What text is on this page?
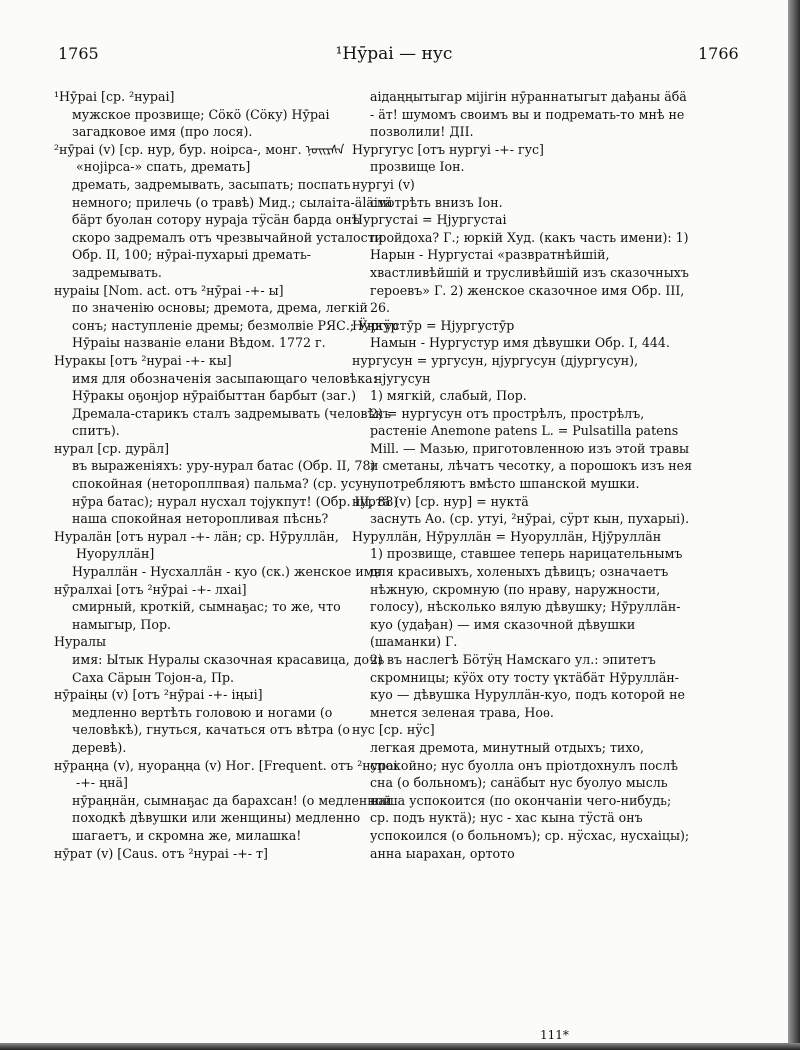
1765	¹Нӯраі — нус	1766

¹Нӯраі [ср. ²нураі]

мужское прозвище; Сӧкӧ (Сӧку) Нӯраі загадковое имя (про лося).

²нӯраі (v) [ср. нур, бур. ноірса-, монг. ᠨᠣᠢᠷᠰᠠ «нојірса-» спать, дремать]

дремать, задремывать, засыпать; поспать немного; прилечь (о травѣ) Мид.; сылаіта-äläітä бäрт буолан сотору нураја тӱсäн барда онъ скоро задремалъ отъ чрезвычайной усталости Обр. II, 100; нӯраі-пухарыі дремать-задремывать.

нураіы [Nom. act. отъ ²нӯраі -+- ы]

по значенію основы; дремота, дрема, легкій сонъ; наступленіе дремы; безмолвіе РЯС.; Ӱңкӱр Нӯраіы названіе елани Вѣдом. 1772 г.

Нуракы [отъ ²нураі -+- кы]

имя для обозначенія засыпающаго человѣка: Нӯракы оҕонјор нӯраібыттан барбыт (заг.) Дремала-старикъ сталъ задремывать (человѣкъ спитъ).

нурал [ср. дурäл]

въ выраженіяхъ: уру-нурал батас (Обр. II, 78) спокойная (нетороплпвая) пальма? (ср. усун нӯра батас); нурал нусхал тојукпут! (Обр. III, 88) наша спокойная неторопливая пѣснь?

Нуралäн [отъ нурал -+- лäн; ср. Нӯруллäн, Нуоруллäн]

Нураллäн - Нусхаллäн - куо (ск.) женское имя.

нӯралхаі [отъ ²нӯраі -+- лхаі]

смирный, кроткій, сымнаҕас; то же, что намыгыр, Пор.

Нуралы

имя: Ытык Нуралы сказочная красавица, дочь Саха Сӓрын Тојон-а, Пр.

нӯраіңы (v) [отъ ²нӯраі -+- іңыі]

медленно вертѣть головою и ногами (о человѣкѣ), гнуться, качаться отъ вѣтра (о деревѣ).

нӯраңңа (v), нуораңңа (v) Ног. [Frequent. отъ ²нураі -+- ңнä]

нӯраңнäн, сымнаҕас да барахсан! (о медленной походкѣ дѣвушки или женщины) медленно шагаетъ, и скромна же, милашка!

нӯрат (v) [Caus. отъ ²нураі -+- т]

аідаңңытыгар міјігін нӯраннатыгыт дађаны äбä - äт! шумомъ своимъ вы и подремать-то мнѣ не позволили! ДII.

Нургугус [отъ нургуі -+- гус]

прозвище Іон.

нургуі (v)

смотрѣть внизъ Іон.

Нургустаі = Нјургустаі

пройдоха? Г.; юркій Худ. (какъ часть имени): 1) Нарын - Нургустаі «развратнѣйшій, хвастливѣйшій и трусливѣйшій изъ сказочныхъ героевъ» Г. 2) женское сказочное имя Обр. III, 26.

Нургустӯр = Нјургустӯр

Намын - Нургустур имя дѣвушки Обр. I, 444.

нургусун = ургусун, нјургусун (дјургусун), нјугусун

1) мягкій, слабый, Пор.

2) = нургусун отъ прострѣлъ, прострѣлъ, растеніе Anemone patens L. = Pulsatilla patens Mill. — Мазью, приготовленною изъ этой травы и сметаны, лѣчатъ чесотку, а порошокъ изъ нея употребляютъ вмѣсто шпанской мушки.

нуртӓ (v) [ср. нур] = нуктӓ

заснуть Ao. (ср. утуі, ²нӯраі, сӱрт кын, пухарыі).

Нуруллäн, Нӯруллäн = Нуоруллäн, Нјӯруллäн

1) прозвище, ставшее теперь нарицательнымъ для красивыхъ, холеныхъ дѣвицъ; означаетъ нѣжную, скромную (по нраву, наружности, голосу), нѣсколько вялую дѣвушку; Нӯруллäн-куо (удађан) — имя сказочной дѣвушки (шаманки) Г.

2) въ наслегѣ Бӧтӱң Намскаго ул.: эпитетъ скромницы; кӱӧх оту тосту үктäбäт Нӯруллäн-куо — дѣвушка Нуруллäн-куо, подъ которой не мнется зеленая трава, Ноѳ.

нус [ср. нӱс]

легкая дремота, минутный отдыхъ; тихо, спокойно; нус буолла онъ пріотдохнулъ послѣ сна (о больномъ); санäбыт нус буолуо мысль наша успокоится (по окончаніи чего-нибудь; ср. подъ нуктӓ); нус - хас кына тӱстӓ онъ успокоился (о больномъ); ср. нӱсхас, нусхаіцы); анна ыарахан, ортото

111*
